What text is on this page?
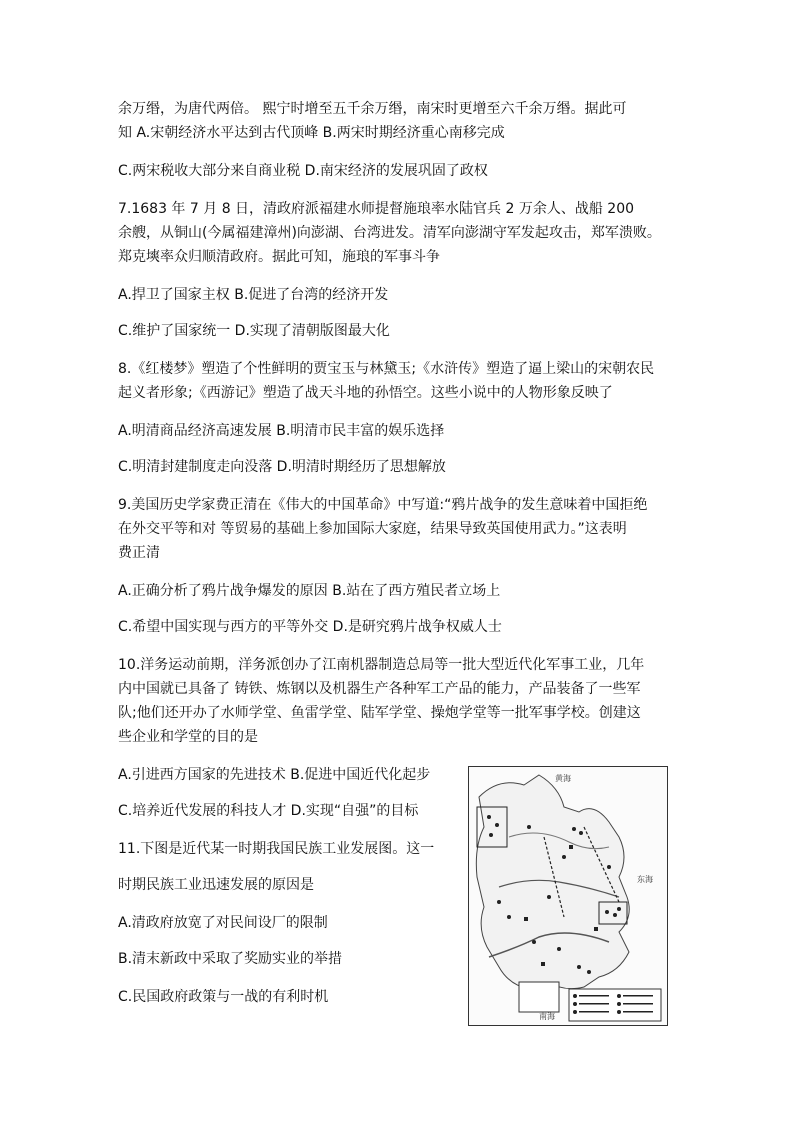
余万缗，为唐代两倍。 熙宁时增至五千余万缗，南宋时更增至六千余万缗。据此可
知 A.宋朝经济水平达到古代顶峰 B.两宋时期经济重心南移完成
C.两宋税收大部分来自商业税 D.南宋经济的发展巩固了政权
7.1683 年 7 月 8 日，清政府派福建水师提督施琅率水陆官兵 2 万余人、战船 200
余艘，从铜山(今属福建漳州)向澎湖、台湾进发。清军向澎湖守军发起攻击，郑军溃败。
郑克塽率众归顺清政府。据此可知，施琅的军事斗争
A.捍卫了国家主权 B.促进了台湾的经济开发
C.维护了国家统一 D.实现了清朝版图最大化
8.《红楼梦》塑造了个性鲜明的贾宝玉与林黛玉;《水浒传》塑造了逼上梁山的宋朝农民
起义者形象;《西游记》塑造了战天斗地的孙悟空。这些小说中的人物形象反映了
A.明清商品经济高速发展 B.明清市民丰富的娱乐选择
C.明清封建制度走向没落 D.明清时期经历了思想解放
9.美国历史学家费正清在《伟大的中国革命》中写道:“鸦片战争的发生意味着中国拒绝
在外交平等和对 等贸易的基础上参加国际大家庭，结果导致英国使用武力。”这表明
费正清
A.正确分析了鸦片战争爆发的原因 B.站在了西方殖民者立场上
C.希望中国实现与西方的平等外交 D.是研究鸦片战争权威人士
10.洋务运动前期，洋务派创办了江南机器制造总局等一批大型近代化军事工业，几年
内中国就已具备了 铸铁、炼钢以及机器生产各种军工产品的能力，产品装备了一些军
队;他们还开办了水师学堂、鱼雷学堂、陆军学堂、操炮学堂等一批军事学校。创建这
些企业和学堂的目的是
A.引进西方国家的先进技术 B.促进中国近代化起步
C.培养近代发展的科技人才 D.实现“自强”的目标
11.下图是近代某一时期我国民族工业发展图。这一
时期民族工业迅速发展的原因是
A.清政府放宽了对民间设厂的限制
B.清末新政中采取了奖励实业的举措
C.民国政府政策与一战的有利时机
黄海
东海
南海
